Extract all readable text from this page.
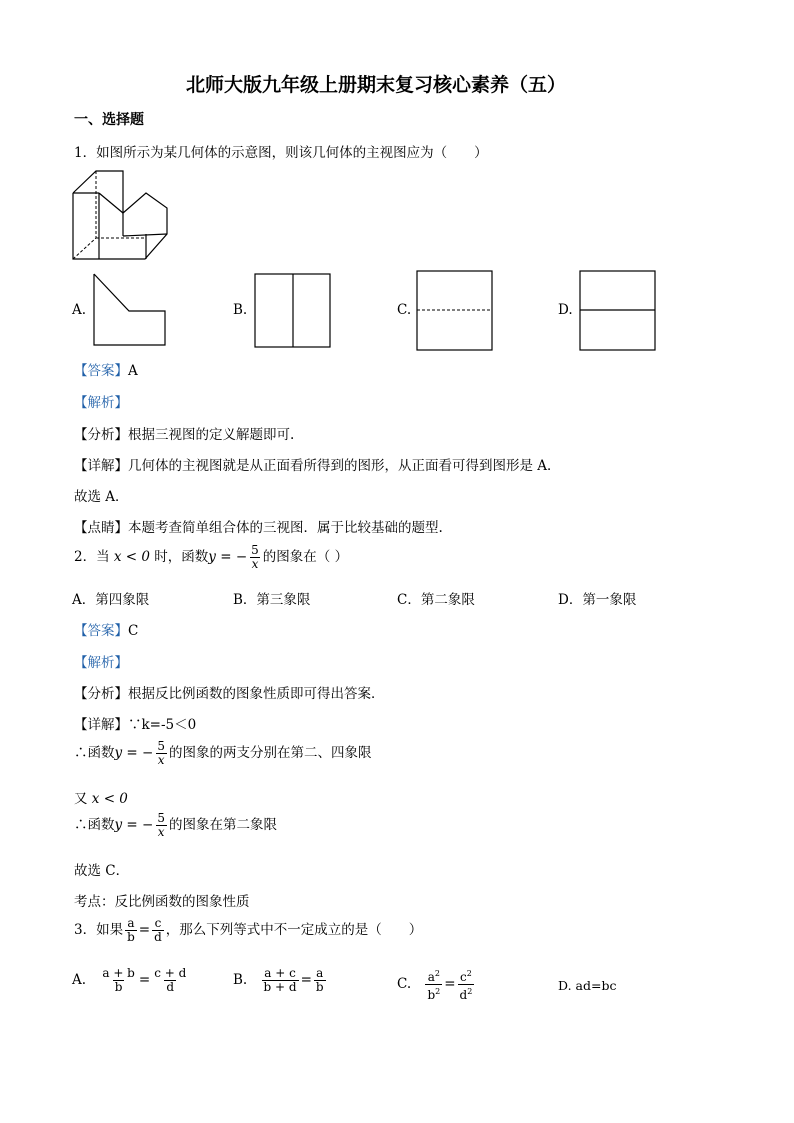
北师大版九年级上册期末复习核心素养（五）
一、选择题
1．如图所示为某几何体的示意图，则该几何体的主视图应为（　　）
A.	B.	C.	D.
【答案】A
【解析】
【分析】根据三视图的定义解题即可.
【详解】几何体的主视图就是从正面看所得到的图形，从正面看可得到图形是 A．
故选 A．
【点睛】本题考查简单组合体的三视图．属于比较基础的题型.
2．当 x < 0 时，函数y = − $\frac{5}{x}$ 的图象在（ ）
A．第四象限	B．第三象限	C．第二象限	D．第一象限
【答案】C
【解析】
【分析】根据反比例函数的图象性质即可得出答案．
【详解】∵k=-5＜0
∴函数y = − $\frac{5}{x}$ 的图象的两支分别在第二、四象限
又 x < 0
∴函数y = − $\frac{5}{x}$ 的图象在第二象限
故选 C．
考点：反比例函数的图象性质
3．如果 $\frac{a}{b} = \frac{c}{d}$ ，那么下列等式中不一定成立的是（　　）
A. $\frac{a + b}{b} = \frac{c + d}{d}$	B. $\frac{a + c}{b + d} = \frac{a}{b}$	C. $\frac{a^2}{b^2} = \frac{c^2}{d^2}$	D. ad=bc
